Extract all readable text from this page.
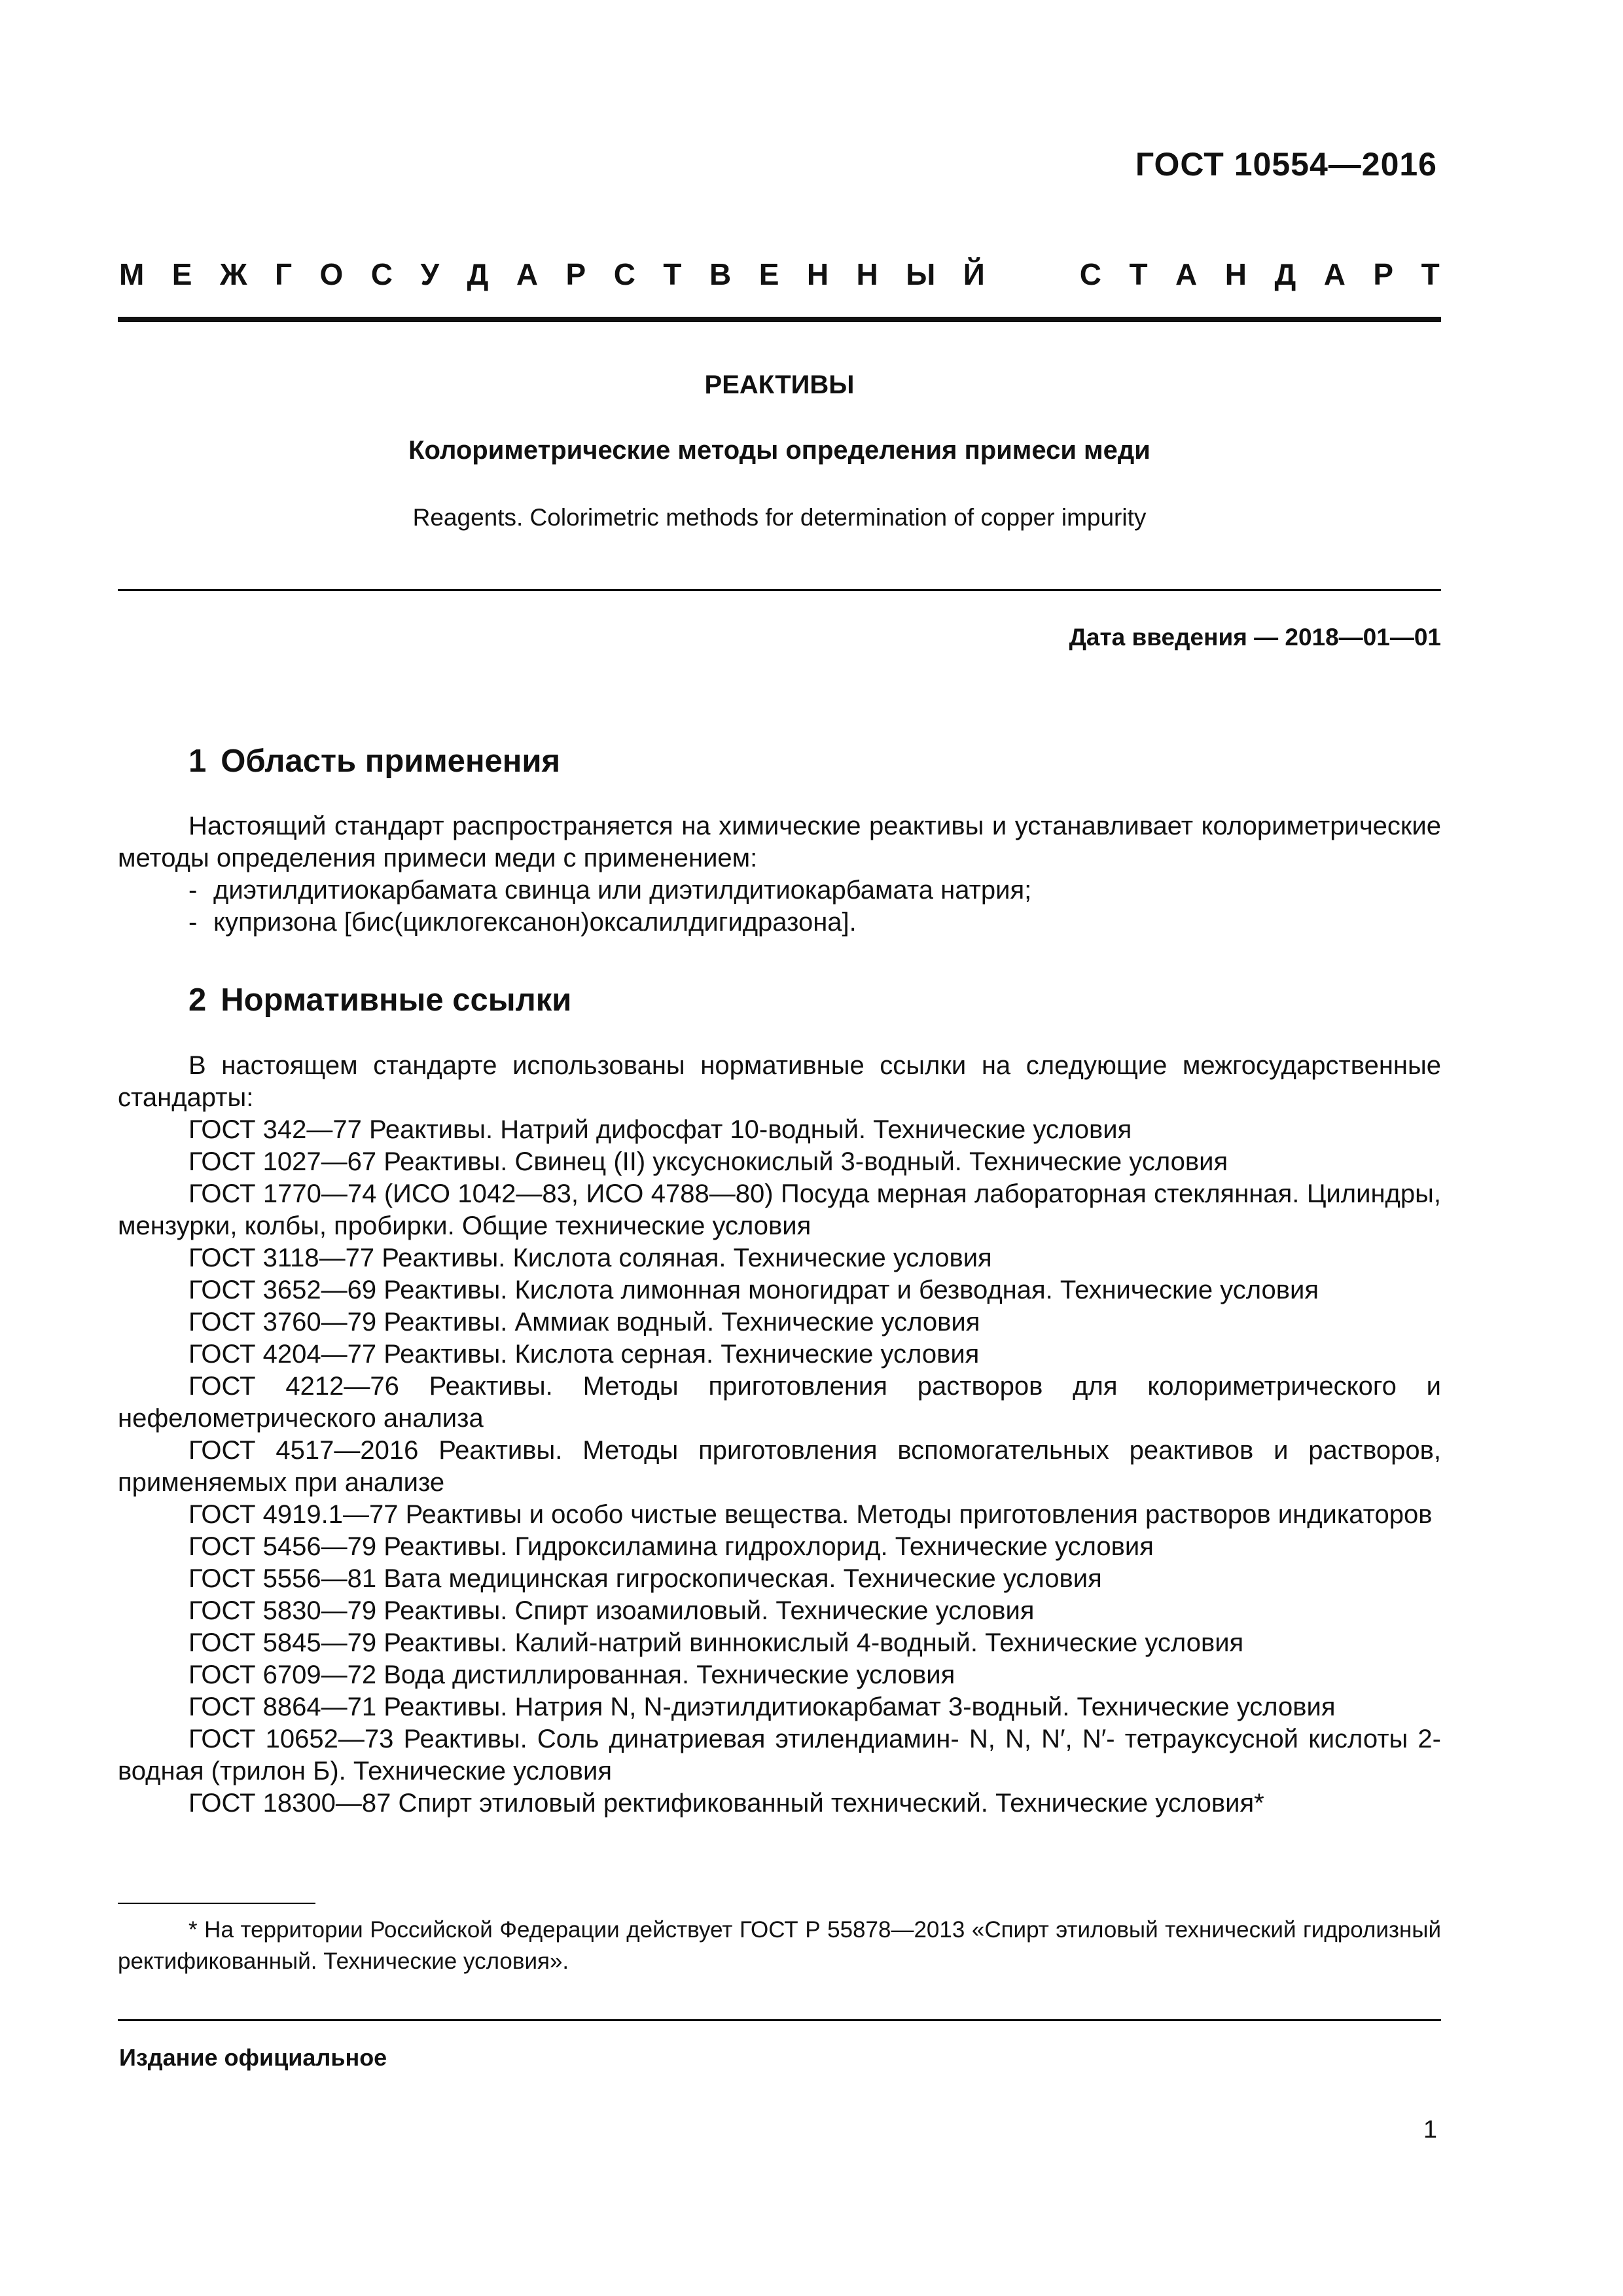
ГОСТ 10554—2016
М Е Ж Г О С У Д А Р С Т В Е Н Н Ы Й	С Т А Н Д А Р Т
РЕАКТИВЫ
Колориметрические методы определения примеси меди
Reagents. Colorimetric methods for determination of copper impurity
Дата введения — 2018—01—01
1 Область применения

Настоящий стандарт распространяется на химические реактивы и устанавливает колориметрические методы определения примеси меди с применением:

- диэтилдитиокарбамата свинца или диэтилдитиокарбамата натрия;

- купризона [бис(циклогексанон)оксалилдигидразона].

2 Нормативные ссылки

В настоящем стандарте использованы нормативные ссылки на следующие межгосударственные стандарты:

ГОСТ 342—77 Реактивы. Натрий дифосфат 10-водный. Технические условия

ГОСТ 1027—67 Реактивы. Свинец (II) уксуснокислый 3-водный. Технические условия

ГОСТ 1770—74 (ИСО 1042—83, ИСО 4788—80) Посуда мерная лабораторная стеклянная. Цилиндры, мензурки, колбы, пробирки. Общие технические условия

ГОСТ 3118—77 Реактивы. Кислота соляная. Технические условия

ГОСТ 3652—69 Реактивы. Кислота лимонная моногидрат и безводная. Технические условия

ГОСТ 3760—79 Реактивы. Аммиак водный. Технические условия

ГОСТ 4204—77 Реактивы. Кислота серная. Технические условия

ГОСТ 4212—76 Реактивы. Методы приготовления растворов для колориметрического и нефелометрического анализа

ГОСТ 4517—2016 Реактивы. Методы приготовления вспомогательных реактивов и растворов, применяемых при анализе

ГОСТ 4919.1—77 Реактивы и особо чистые вещества. Методы приготовления растворов индикаторов

ГОСТ 5456—79 Реактивы. Гидроксиламина гидрохлорид. Технические условия

ГОСТ 5556—81 Вата медицинская гигроскопическая. Технические условия

ГОСТ 5830—79 Реактивы. Спирт изоамиловый. Технические условия

ГОСТ 5845—79 Реактивы. Калий-натрий виннокислый 4-водный. Технические условия

ГОСТ 6709—72 Вода дистиллированная. Технические условия

ГОСТ 8864—71 Реактивы. Натрия N, N-диэтилдитиокарбамат 3-водный. Технические условия

ГОСТ 10652—73 Реактивы. Соль динатриевая этилендиамин- N, N, N′, N′- тетрауксусной кислоты 2-водная (трилон Б). Технические условия

ГОСТ 18300—87 Спирт этиловый ректификованный технический. Технические условия*

* На территории Российской Федерации действует ГОСТ Р 55878—2013 «Спирт этиловый технический гидролизный ректификованный. Технические условия».
Издание официальное
1
